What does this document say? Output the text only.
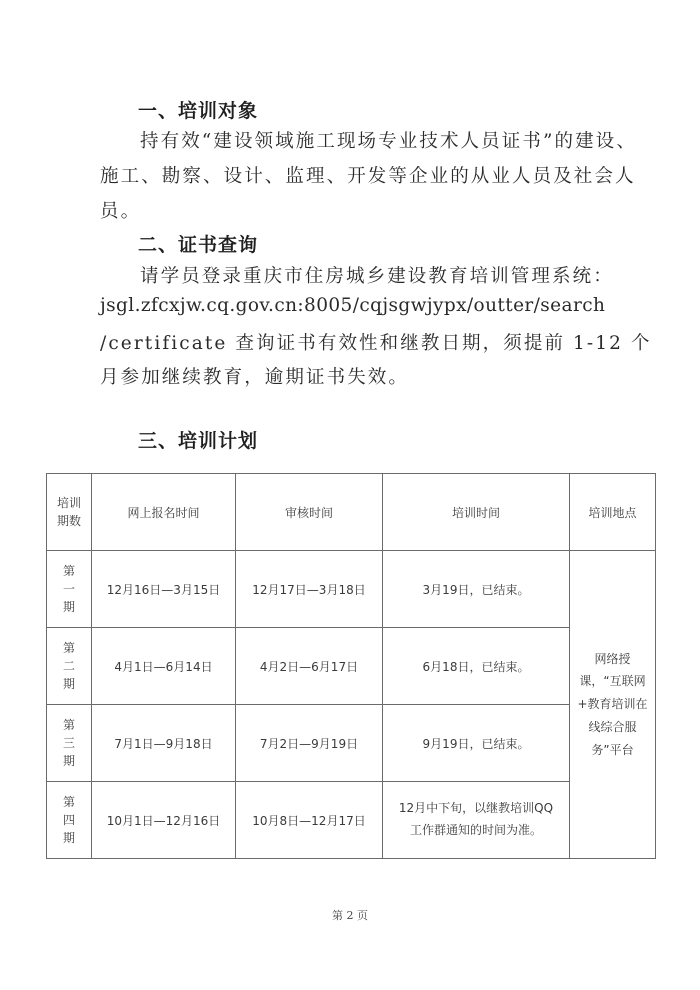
一、培训对象
持有效“建设领域施工现场专业技术人员证书”的建设、
施工、勘察、设计、监理、开发等企业的从业人员及社会人
员。
二、证书查询
请学员登录重庆市住房城乡建设教育培训管理系统：
jsgl.zfcxjw.cq.gov.cn:8005/cqjsgwjypx/outter/search
/certificate 查询证书有效性和继教日期，须提前 1-12 个
月参加继续教育，逾期证书失效。
三、培训计划
培训期数	网上报名时间	审核时间	培训时间	培训地点
第一期	12月16日—3月15日	12月17日—3月18日	3月19日，已结束。	网络授课，“互联网+教育培训在线综合服务”平台
第二期	4月1日—6月14日	4月2日—6月17日	6月18日，已结束。	
第三期	7月1日—9月18日	7月2日—9月19日	9月19日，已结束。	
第四期	10月1日—12月16日	10月8日—12月17日	12月中下旬，以继教培训QQ工作群通知的时间为准。	
第 2 页
